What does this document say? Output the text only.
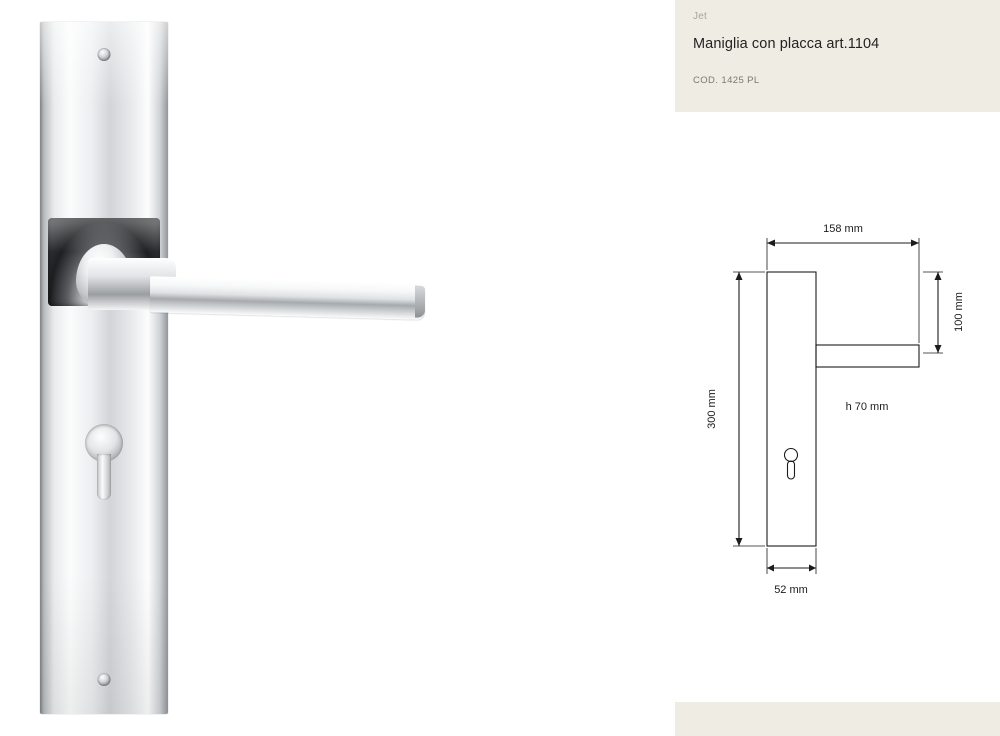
Jet

Maniglia con placca art.1104

COD. 1425 PL

158 mm
100 mm
300 mm	h 70 mm
52 mm
